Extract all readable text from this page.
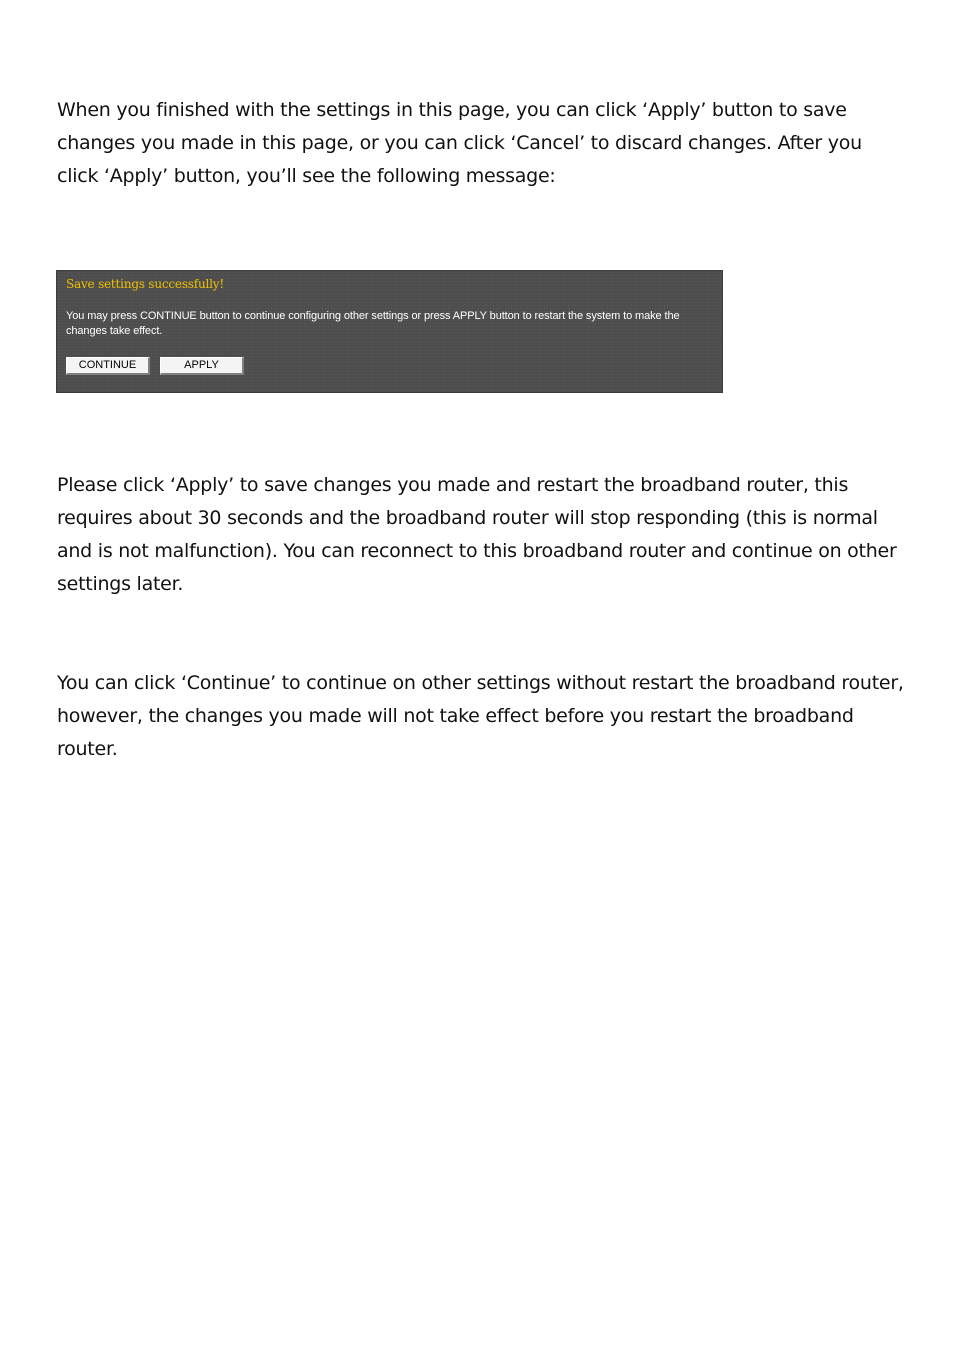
When you finished with the settings in this page, you can click ‘Apply’ button to save changes you made in this page, or you can click ‘Cancel’ to discard changes. After you click ‘Apply’ button, you’ll see the following message:

Save settings successfully!

You may press CONTINUE button to continue configuring other settings or press APPLY button to restart the system to make the changes take effect.

CONTINUE	APPLY

Please click ‘Apply’ to save changes you made and restart the broadband router, this requires about 30 seconds and the broadband router will stop responding (this is normal and is not malfunction). You can reconnect to this broadband router and continue on other settings later.

You can click ‘Continue’ to continue on other settings without restart the broadband router, however, the changes you made will not take effect before you restart the broadband router.
